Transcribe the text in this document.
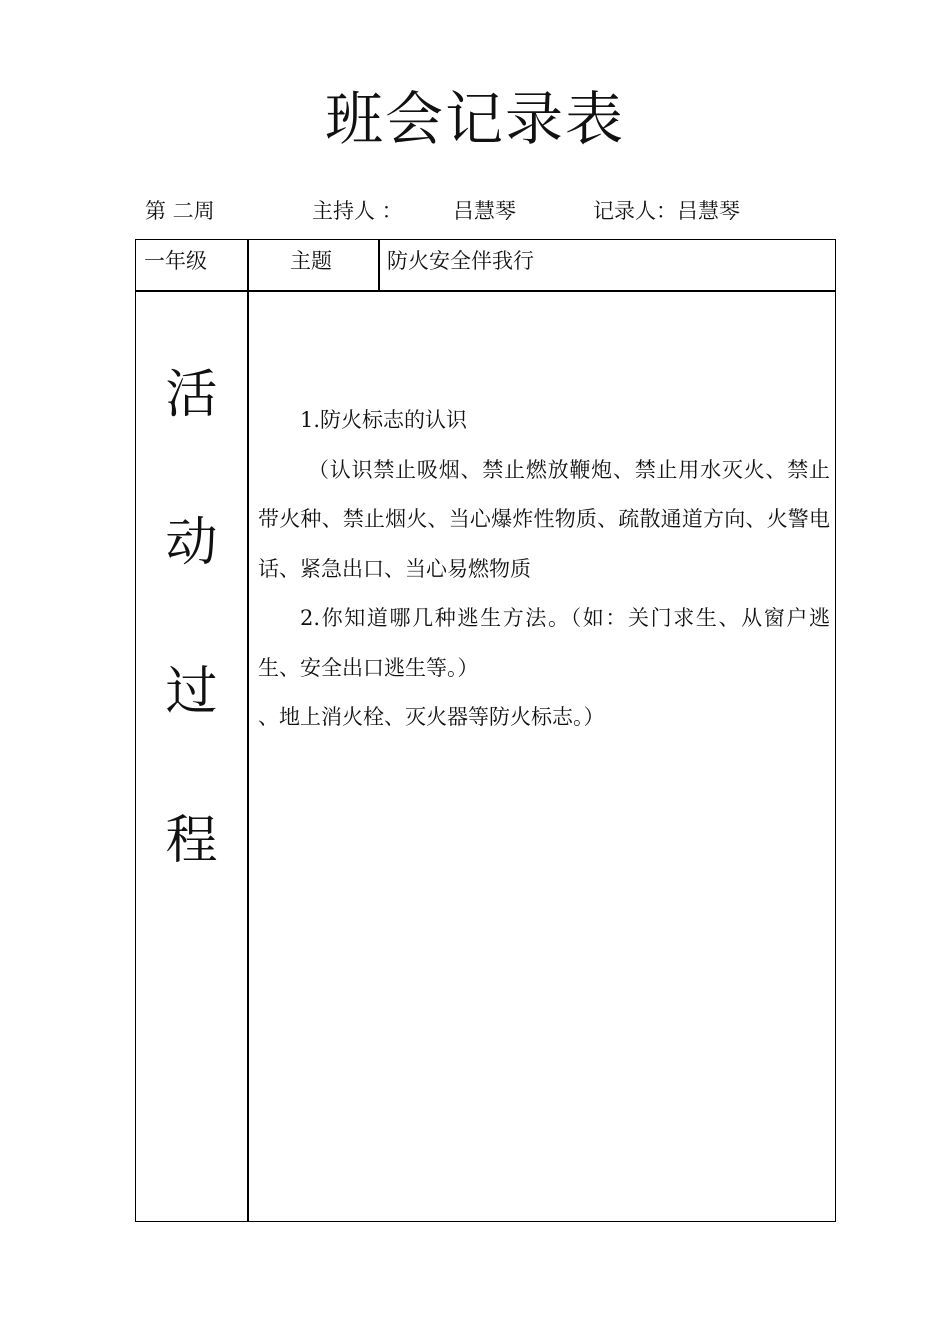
班会记录表
第 二周	主持人 ： 吕慧琴	记录人：吕慧琴
一年级	主题	防火安全伴我行
活
动
过
程

1.防火标志的认识

（认识禁止吸烟、禁止燃放鞭炮、禁止用水灭火、禁止带火种、禁止烟火、当心爆炸性物质、疏散通道方向、火警电话、紧急出口、当心易燃物质

2.你知道哪几种逃生方法。（如：关门求生、从窗户逃生、安全出口逃生等。）

、地上消火栓、灭火器等防火标志。）
